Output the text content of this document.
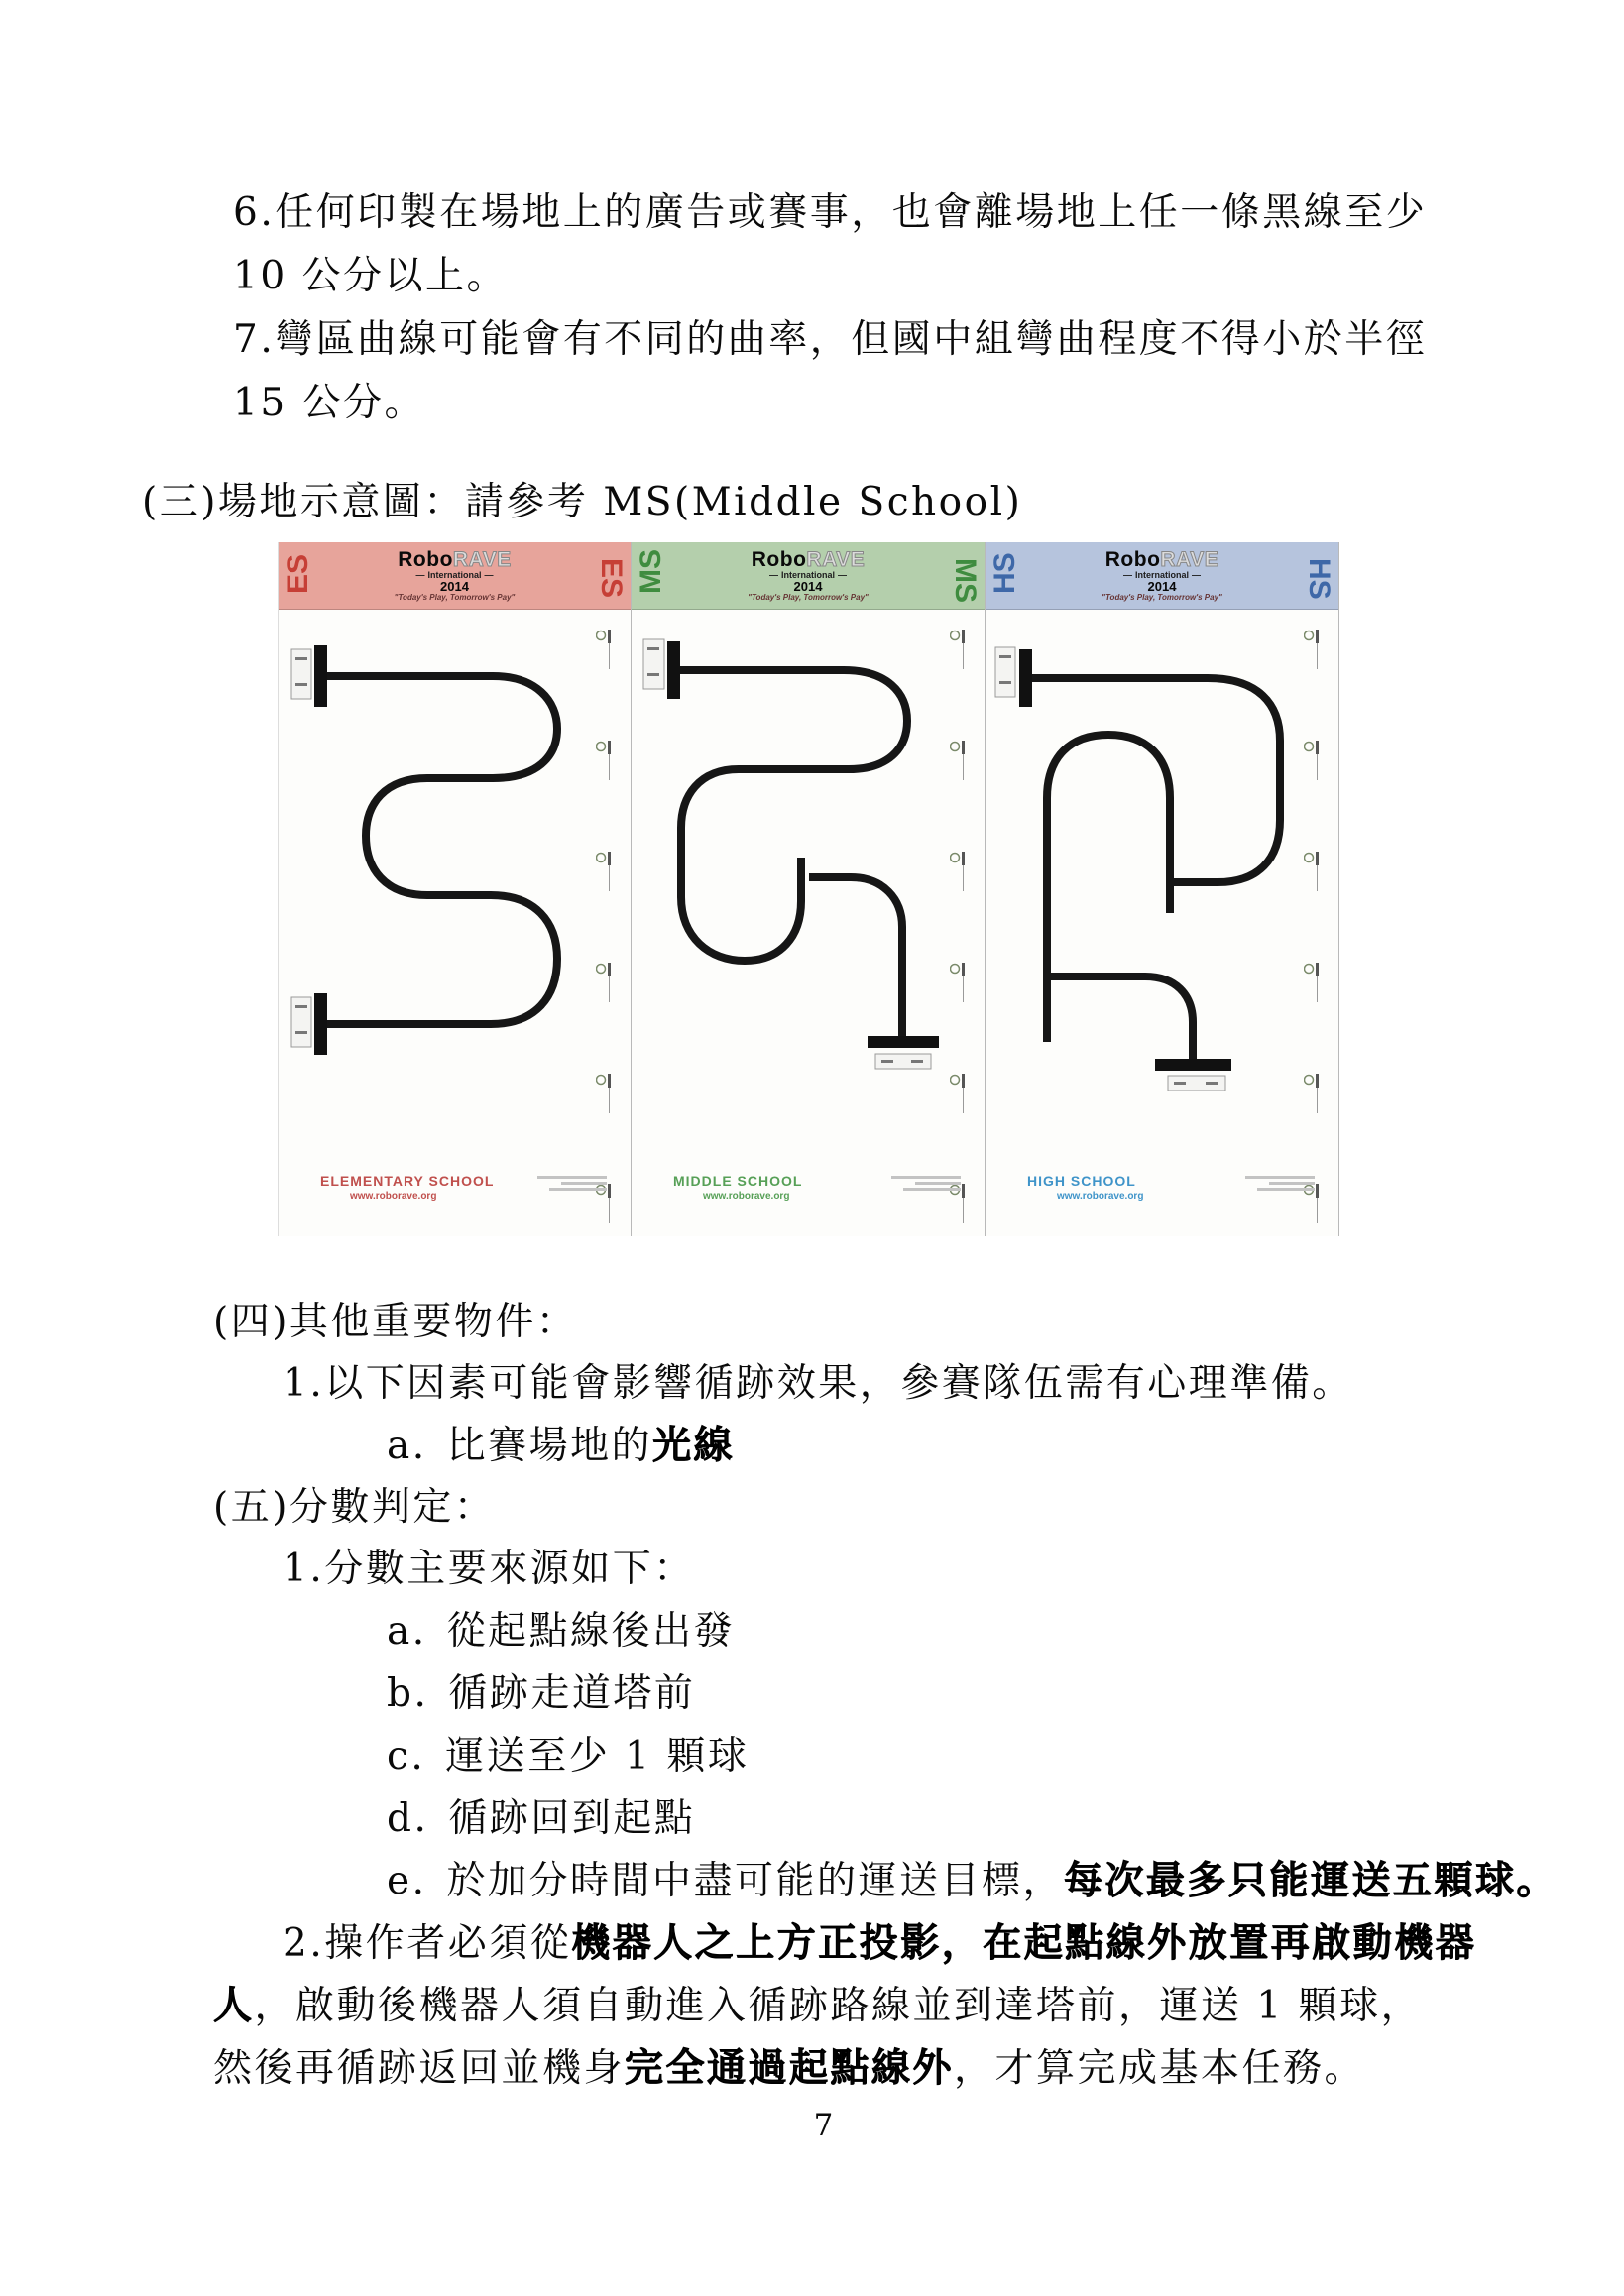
6.任何印製在場地上的廣告或賽事，也會離場地上任一條黑線至少
10 公分以上。
7.彎區曲線可能會有不同的曲率，但國中組彎曲程度不得小於半徑
15 公分。
(三)場地示意圖：請參考 MS(Middle School)
ES	RoboRAVE
— International —
2014
"Today's Play, Tomorrow's Pay"	ES
ELEMENTARY SCHOOL
www.roborave.org
MS	RoboRAVE
— International —
2014
"Today's Play, Tomorrow's Pay"	MS
MIDDLE SCHOOL
www.roborave.org
HS	RoboRAVE
— International —
2014
"Today's Play, Tomorrow's Pay"	HS
HIGH SCHOOL
www.roborave.org
(四)其他重要物件：
1.以下因素可能會影響循跡效果，參賽隊伍需有心理準備。
a. 比賽場地的光線
(五)分數判定：
1.分數主要來源如下：
a. 從起點線後出發
b. 循跡走道塔前
c. 運送至少 1 顆球
d. 循跡回到起點
e. 於加分時間中盡可能的運送目標，每次最多只能運送五顆球。
2.操作者必須從機器人之上方正投影，在起點線外放置再啟動機器
人，啟動後機器人須自動進入循跡路線並到達塔前，運送 1 顆球，
然後再循跡返回並機身完全通過起點線外，才算完成基本任務。
7
